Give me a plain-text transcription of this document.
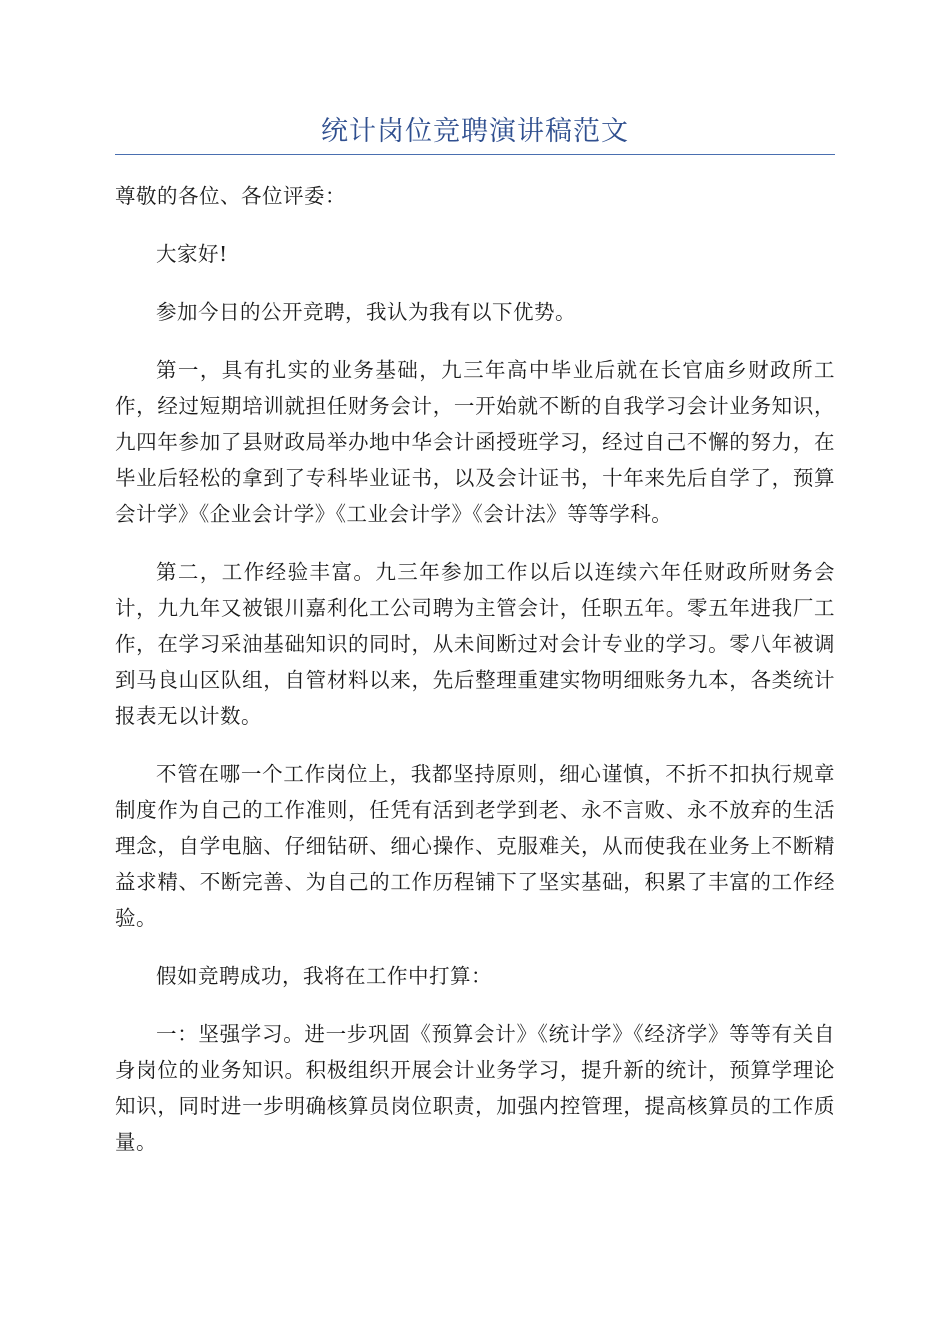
统计岗位竞聘演讲稿范文

尊敬的各位、各位评委：

大家好!

参加今日的公开竞聘，我认为我有以下优势。

第一，具有扎实的业务基础，九三年高中毕业后就在长官庙乡财政所工作，经过短期培训就担任财务会计，一开始就不断的自我学习会计业务知识，九四年参加了县财政局举办地中华会计函授班学习，经过自己不懈的努力，在毕业后轻松的拿到了专科毕业证书，以及会计证书，十年来先后自学了，预算会计学》《企业会计学》《工业会计学》《会计法》等等学科。

第二，工作经验丰富。九三年参加工作以后以连续六年任财政所财务会计，九九年又被银川嘉利化工公司聘为主管会计，任职五年。零五年进我厂工作，在学习采油基础知识的同时，从未间断过对会计专业的学习。零八年被调到马良山区队组，自管材料以来，先后整理重建实物明细账务九本，各类统计报表无以计数。

不管在哪一个工作岗位上，我都坚持原则，细心谨慎，不折不扣执行规章制度作为自己的工作准则，任凭有活到老学到老、永不言败、永不放弃的生活理念，自学电脑、仔细钻研、细心操作、克服难关，从而使我在业务上不断精益求精、不断完善、为自己的工作历程铺下了坚实基础，积累了丰富的工作经验。

假如竞聘成功，我将在工作中打算：

一：坚强学习。进一步巩固《预算会计》《统计学》《经济学》等等有关自身岗位的业务知识。积极组织开展会计业务学习，提升新的统计，预算学理论知识，同时进一步明确核算员岗位职责，加强内控管理，提高核算员的工作质量。
